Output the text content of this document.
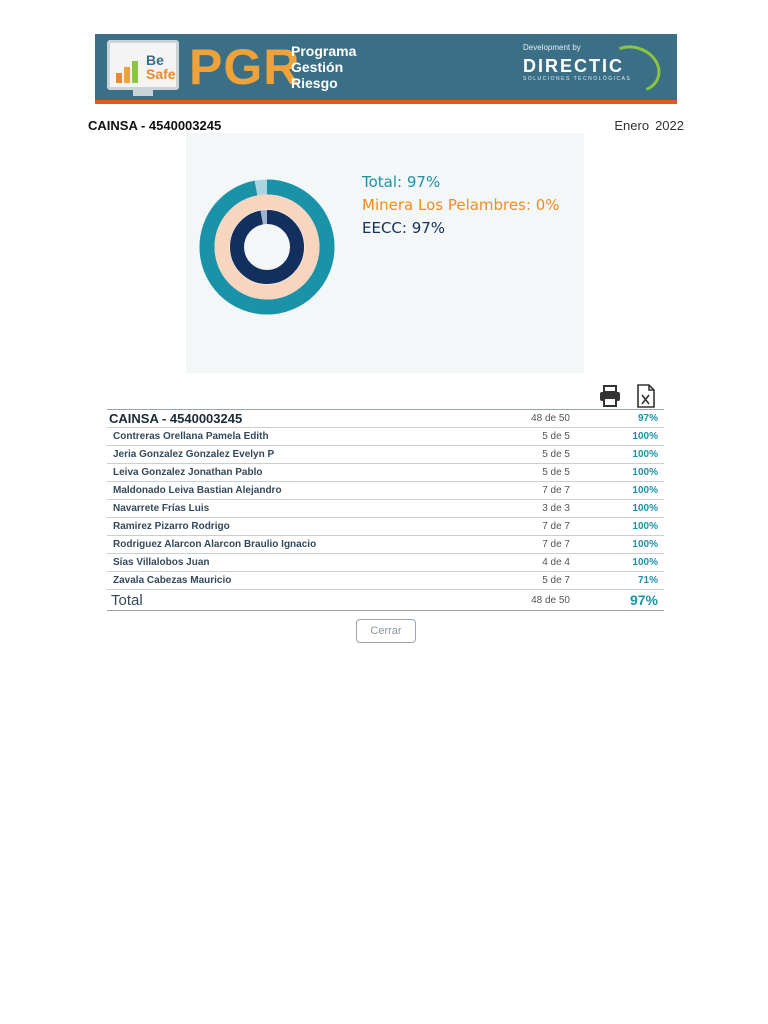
Be
Safe PGR
Programa
Gestión
Riesgo
Development by
DIRECTIC
SOLUCIONES TECNOLÓGICAS
CAINSA - 4540003245	Enero 2022
Total: 97%
Minera Los Pelambres: 0%
EECC: 97%
CAINSA - 4540003245	48 de 50	97%
Contreras Orellana Pamela Edith	5 de 5	100%
Jeria Gonzalez Gonzalez Evelyn P	5 de 5	100%
Leiva Gonzalez Jonathan Pablo	5 de 5	100%
Maldonado Leiva Bastian Alejandro	7 de 7	100%
Navarrete Frías Luis	3 de 3	100%
Ramirez Pizarro Rodrigo	7 de 7	100%
Rodriguez Alarcon Alarcon Braulio Ignacio	7 de 7	100%
Sías Villalobos Juan	4 de 4	100%
Zavala Cabezas Mauricio	5 de 7	71%
Total	48 de 50	97%
Cerrar
